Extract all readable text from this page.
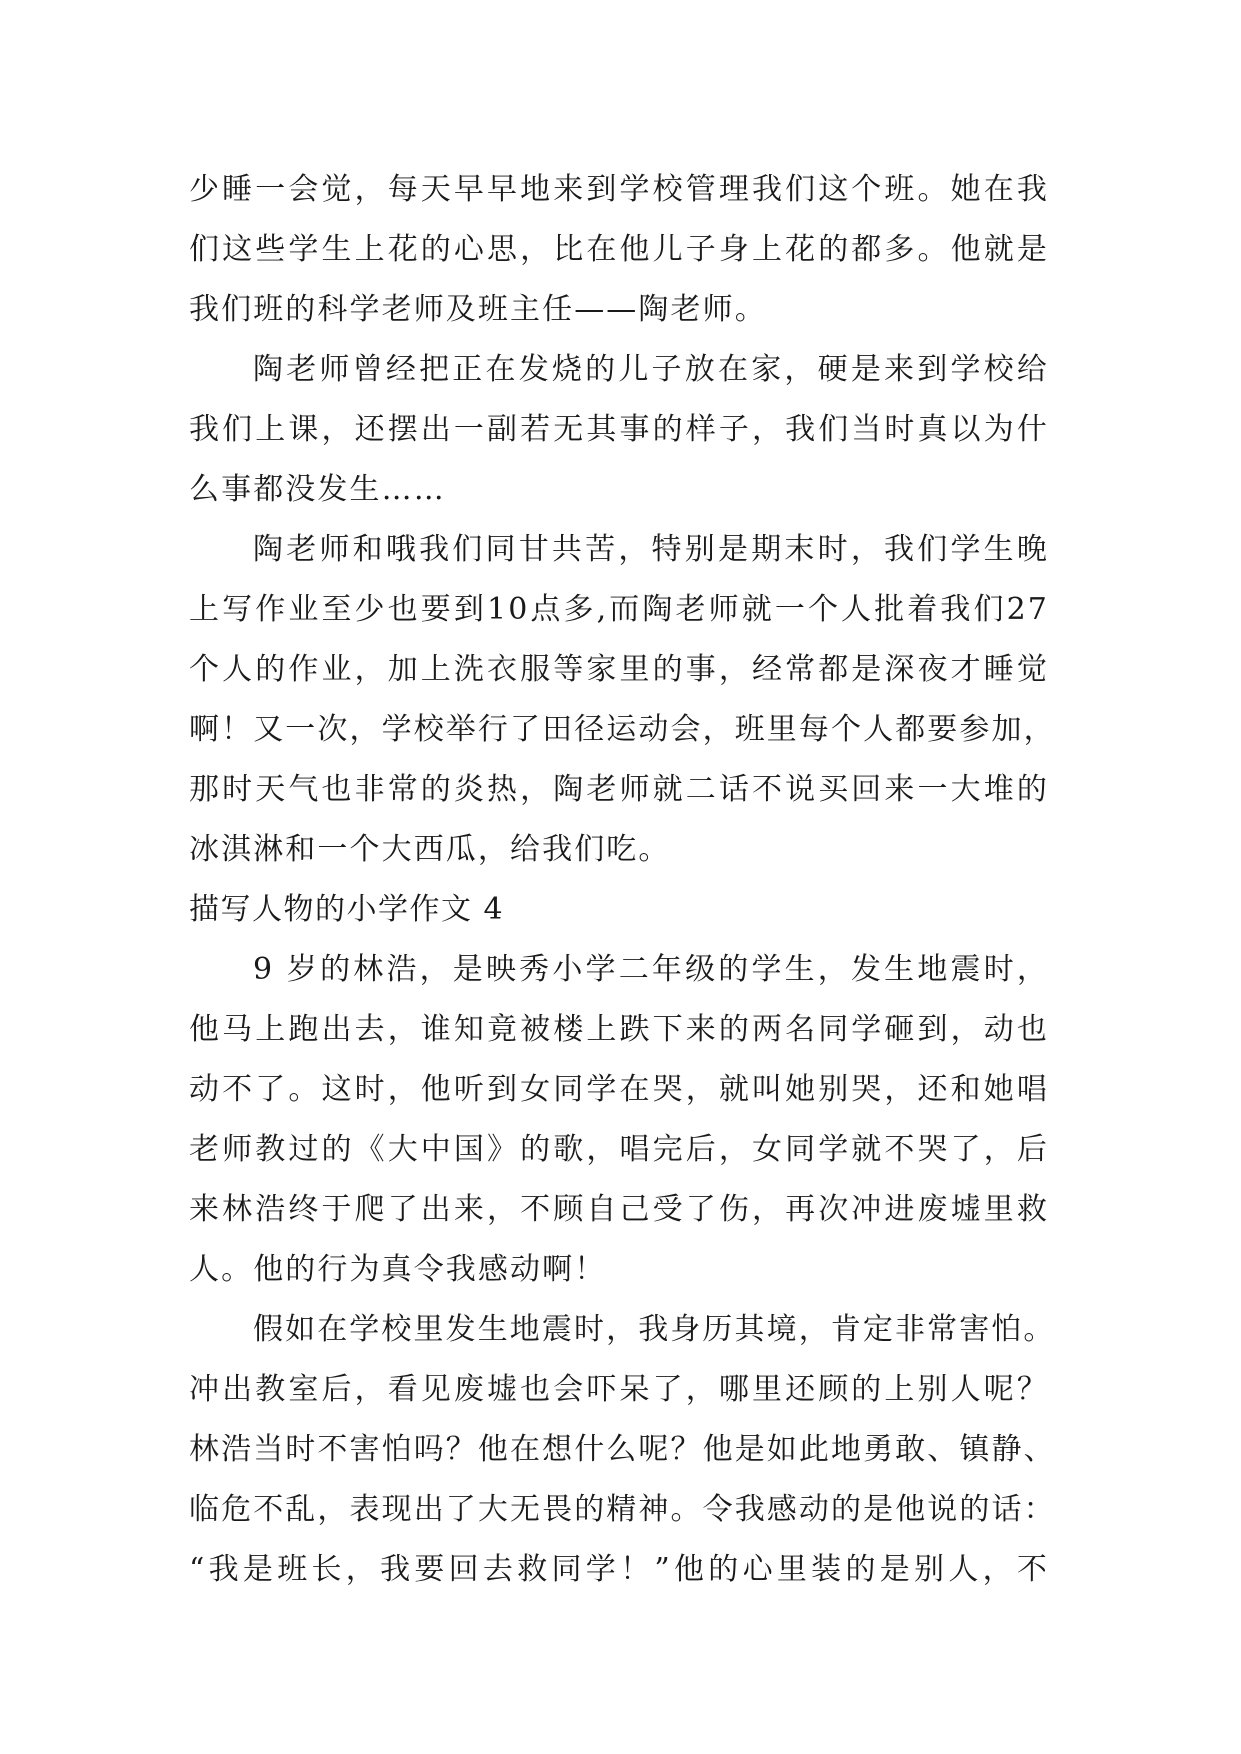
少睡一会觉，每天早早地来到学校管理我们这个班。她在我
们这些学生上花的心思，比在他儿子身上花的都多。他就是
我们班的科学老师及班主任——陶老师。

陶老师曾经把正在发烧的儿子放在家，硬是来到学校给
我们上课，还摆出一副若无其事的样子，我们当时真以为什
么事都没发生……

陶老师和哦我们同甘共苦，特别是期末时，我们学生晚
上写作业至少也要到10点多,而陶老师就一个人批着我们27
个人的作业，加上洗衣服等家里的事，经常都是深夜才睡觉
啊！又一次，学校举行了田径运动会，班里每个人都要参加，
那时天气也非常的炎热，陶老师就二话不说买回来一大堆的
冰淇淋和一个大西瓜，给我们吃。

描写人物的小学作文 4

9 岁的林浩，是映秀小学二年级的学生，发生地震时，
他马上跑出去，谁知竟被楼上跌下来的两名同学砸到，动也
动不了。这时，他听到女同学在哭，就叫她别哭，还和她唱
老师教过的《大中国》的歌，唱完后，女同学就不哭了，后
来林浩终于爬了出来，不顾自己受了伤，再次冲进废墟里救
人。他的行为真令我感动啊！

假如在学校里发生地震时，我身历其境，肯定非常害怕。
冲出教室后，看见废墟也会吓呆了，哪里还顾的上别人呢？
林浩当时不害怕吗？他在想什么呢？他是如此地勇敢、镇静、
临危不乱，表现出了大无畏的精神。令我感动的是他说的话：
“我是班长，我要回去救同学！”他的心里装的是别人，不
